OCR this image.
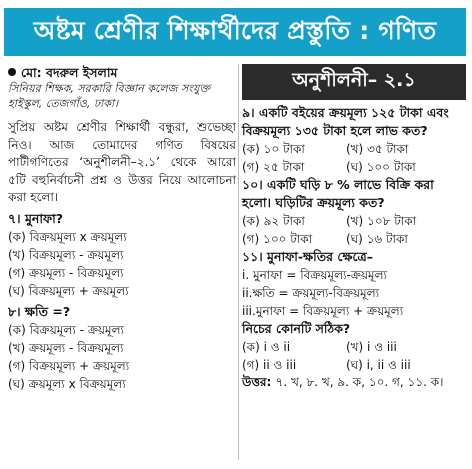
অষ্টম শ্রেণীর শিক্ষার্থীদের প্রস্তুতি : গণিত
মো: বদরুল ইসলাম
সিনিয়র শিক্ষক, সরকারি বিজ্ঞান কলেজ সংযুক্ত হাইস্কুল, তেজগাঁও, ঢাকা।
সুপ্রিয় অষ্টম শ্রেণীর শিক্ষার্থী বন্ধুরা, শুভেচ্ছা নিও। আজ তোমাদের গণিত বিষয়ের পাটীগণিতের ‘অনুশীলনী–২.১’ থেকে আরো ৫টি বহুনির্বাচনী প্রশ্ন ও উত্তর নিয়ে আলোচনা করা হলো।
৭। মুনাফা?
(ক) বিক্রয়মূল্য x ক্রয়মূল্য
(খ) বিক্রয়মূল্য - ক্রয়মূল্য
(গ) ক্রয়মূল্য - বিক্রয়মূল্য
(ঘ) বিক্রয়মূল্য + ক্রয়মূল্য
৮। ক্ষতি =?
(ক) বিক্রয়মূল্য - ক্রয়মূল্য
(খ) ক্রয়মূল্য - বিক্রয়মূল্য
(গ) বিক্রয়মূল্য + ক্রয়মূল্য
(ঘ) ক্রয়মূল্য x বিক্রয়মূল্য
অনুশীলনী– ২.১
৯। একটি বইয়ের ক্রয়মূল্য ১২৫ টাকা এবং বিক্রয়মূল্য ১৩৫ টাকা হলে লাভ কত?
(ক) ১০ টাকা	(খ) ৩৫ টাকা
(গ) ২৫ টাকা	(ঘ) ১০০ টাকা
১০। একটি ঘড়ি ৮ % লাভে বিক্রি করা হলো। ঘড়িটির ক্রয়মূল্য কত?
(ক) ৯২ টাকা	(খ) ১০৮ টাকা
(গ) ১০০ টাকা	(ঘ) ১৬ টাকা
১১। মুনাফা-ক্ষতির ক্ষেত্রে–
i. মুনাফা = বিক্রয়মূল্য-ক্রয়মূল্য
ii.ক্ষতি = ক্রয়মূল্য-বিক্রয়মূল্য
iii.মুনাফা = বিক্রয়মূল্য + ক্রয়মূল্য
নিচের কোনটি সঠিক?
(ক) i ও ii	(খ) i ও iii
(গ) ii ও iii	(ঘ) i, ii ও iii
উত্তর: ৭. খ, ৮. খ, ৯. ক, ১০. গ, ১১. ক।
